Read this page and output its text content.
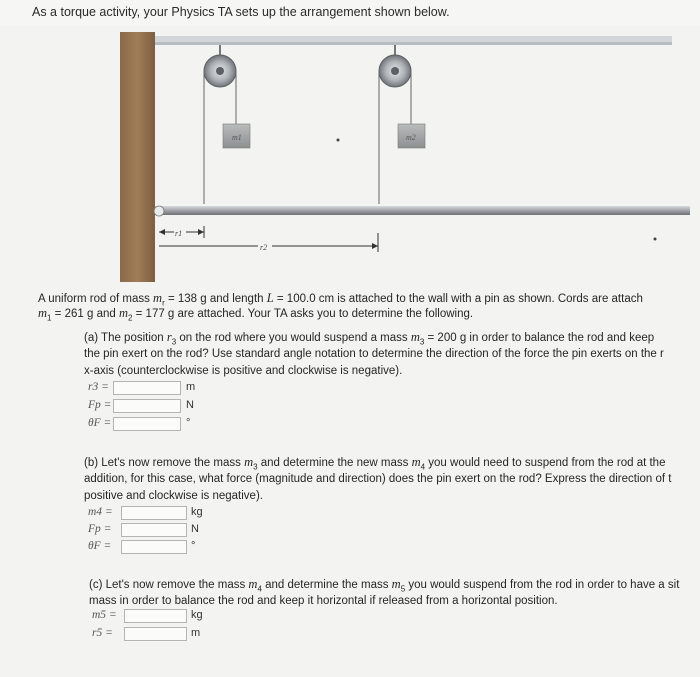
As a torque activity, your Physics TA sets up the arrangement shown below.
m1	m2
r1
r2
A uniform rod of mass $m_r = 138$ g and length L = 100.0 cm is attached to the wall with a pin as shown. Cords are attach
$m_1 = 261$ g and $m_2 = 177$ g are attached. Your TA asks you to determine the following.
(a) The position $r_3$ on the rod where you would suspend a mass $m_3 = 200$ g in order to balance the rod and keep
the pin exert on the rod? Use standard angle notation to determine the direction of the force the pin exerts on the r
x-axis (counterclockwise is positive and clockwise is negative).
r3 =	m
Fp =	N
θF =	°
(b) Let's now remove the mass $m_3$ and determine the new mass $m_4$ you would need to suspend from the rod at the
addition, for this case, what force (magnitude and direction) does the pin exert on the rod? Express the direction of t
positive and clockwise is negative).
m4 =	kg
Fp =	N
θF =	°
(c) Let's now remove the mass $m_4$ and determine the mass $m_5$ you would suspend from the rod in order to have a sit
mass in order to balance the rod and keep it horizontal if released from a horizontal position.
m5 =	kg
r5 =	m
